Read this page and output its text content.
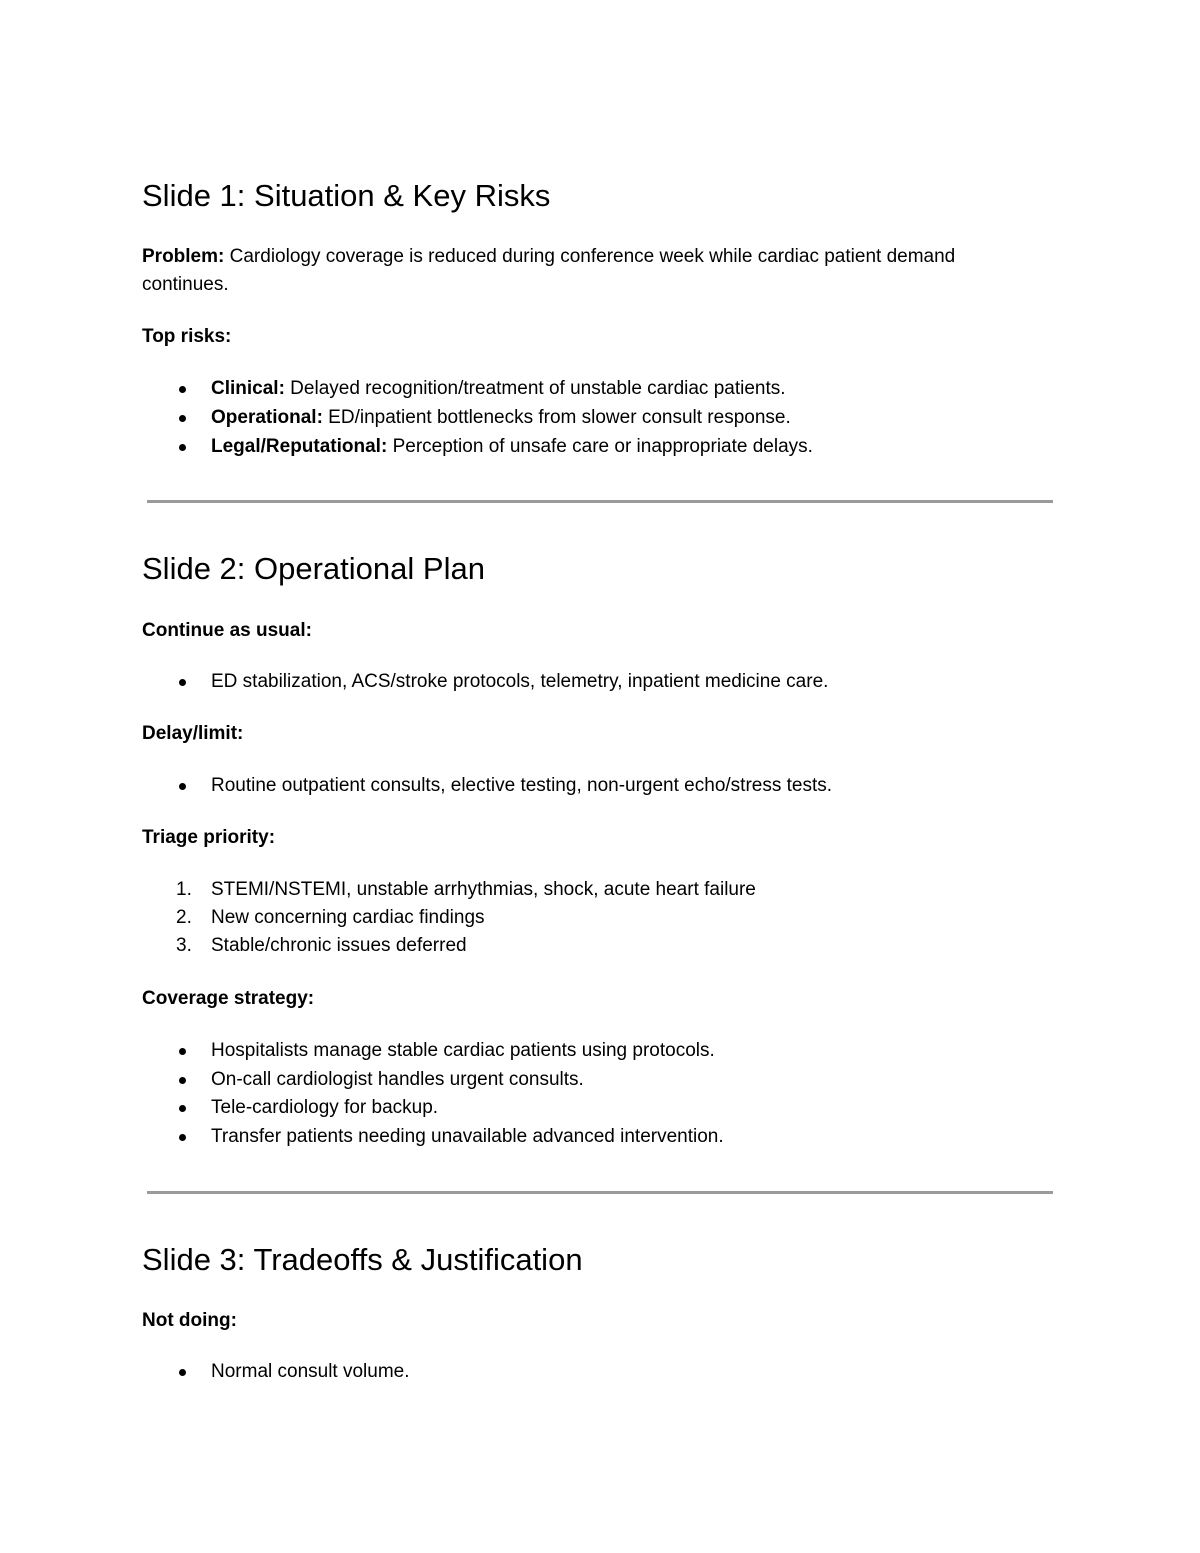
Slide 1: Situation & Key Risks

Problem: Cardiology coverage is reduced during conference week while cardiac patient demand continues.

Top risks:

Clinical: Delayed recognition/treatment of unstable cardiac patients.
Operational: ED/inpatient bottlenecks from slower consult response.
Legal/Reputational: Perception of unsafe care or inappropriate delays.
Slide 2: Operational Plan

Continue as usual:

ED stabilization, ACS/stroke protocols, telemetry, inpatient medicine care.

Delay/limit:

Routine outpatient consults, elective testing, non-urgent echo/stress tests.

Triage priority:

1.	STEMI/NSTEMI, unstable arrhythmias, shock, acute heart failure
2.	New concerning cardiac findings
3.	Stable/chronic issues deferred

Coverage strategy:

Hospitalists manage stable cardiac patients using protocols.
On-call cardiologist handles urgent consults.
Tele-cardiology for backup.
Transfer patients needing unavailable advanced intervention.
Slide 3: Tradeoffs & Justification

Not doing:

Normal consult volume.
